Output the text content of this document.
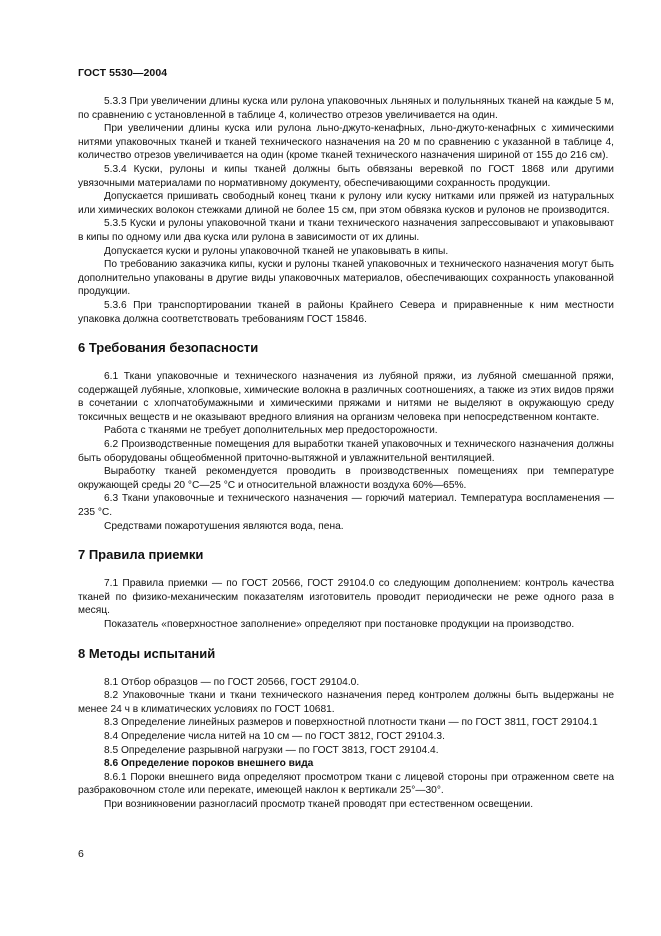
ГОСТ 5530—2004

5.3.3 При увеличении длины куска или рулона упаковочных льняных и полульняных тканей на каждые 5 м, по сравнению с установленной в таблице 4, количество отрезов увеличивается на один.

При увеличении длины куска или рулона льно-джуто-кенафных, льно-джуто-кенафных с химическими нитями упаковочных тканей и тканей технического назначения на 20 м по сравнению с указанной в таблице 4, количество отрезов увеличивается на один (кроме тканей технического назначения шириной от 155 до 216 см).

5.3.4 Куски, рулоны и кипы тканей должны быть обвязаны веревкой по ГОСТ 1868 или другими увязочными материалами по нормативному документу, обеспечивающими сохранность продукции.

Допускается пришивать свободный конец ткани к рулону или куску нитками или пряжей из натуральных или химических волокон стежками длиной не более 15 см, при этом обвязка кусков и рулонов не производится.

5.3.5 Куски и рулоны упаковочной ткани и ткани технического назначения запрессовывают и упаковывают в кипы по одному или два куска или рулона в зависимости от их длины.

Допускается куски и рулоны упаковочной тканей не упаковывать в кипы.

По требованию заказчика кипы, куски и рулоны тканей упаковочных и технического назначения могут быть дополнительно упакованы в другие виды упаковочных материалов, обеспечивающих сохранность упакованной продукции.

5.3.6 При транспортировании тканей в районы Крайнего Севера и приравненные к ним местности упаковка должна соответствовать требованиям ГОСТ 15846.

6 Требования безопасности

6.1 Ткани упаковочные и технического назначения из лубяной пряжи, из лубяной смешанной пряжи, содержащей лубяные, хлопковые, химические волокна в различных соотношениях, а также из этих видов пряжи в сочетании с хлопчатобумажными и химическими пряжами и нитями не выделяют в окружающую среду токсичных веществ и не оказывают вредного влияния на организм человека при непосредственном контакте.

Работа с тканями не требует дополнительных мер предосторожности.

6.2 Производственные помещения для выработки тканей упаковочных и технического назначения должны быть оборудованы общеобменной приточно-вытяжной и увлажнительной вентиляцией.

Выработку тканей рекомендуется проводить в производственных помещениях при температуре окружающей среды 20 °С—25 °С и относительной влажности воздуха 60%—65%.

6.3 Ткани упаковочные и технического назначения — горючий материал. Температура воспламенения — 235 °С.

Средствами пожаротушения являются вода, пена.

7 Правила приемки

7.1 Правила приемки — по ГОСТ 20566, ГОСТ 29104.0 со следующим дополнением: контроль качества тканей по физико-механическим показателям изготовитель проводит периодически не реже одного раза в месяц.

Показатель «поверхностное заполнение» определяют при постановке продукции на производство.

8 Методы испытаний

8.1 Отбор образцов — по ГОСТ 20566, ГОСТ 29104.0.

8.2 Упаковочные ткани и ткани технического назначения перед контролем должны быть выдержаны не менее 24 ч в климатических условиях по ГОСТ 10681.

8.3 Определение линейных размеров и поверхностной плотности ткани — по ГОСТ 3811, ГОСТ 29104.1

8.4 Определение числа нитей на 10 см — по ГОСТ 3812, ГОСТ 29104.3.

8.5 Определение разрывной нагрузки — по ГОСТ 3813, ГОСТ 29104.4.

8.6 Определение пороков внешнего вида

8.6.1 Пороки внешнего вида определяют просмотром ткани с лицевой стороны при отраженном свете на разбраковочном столе или перекате, имеющей наклон к вертикали 25°—30°.

При возникновении разногласий просмотр тканей проводят при естественном освещении.

6
